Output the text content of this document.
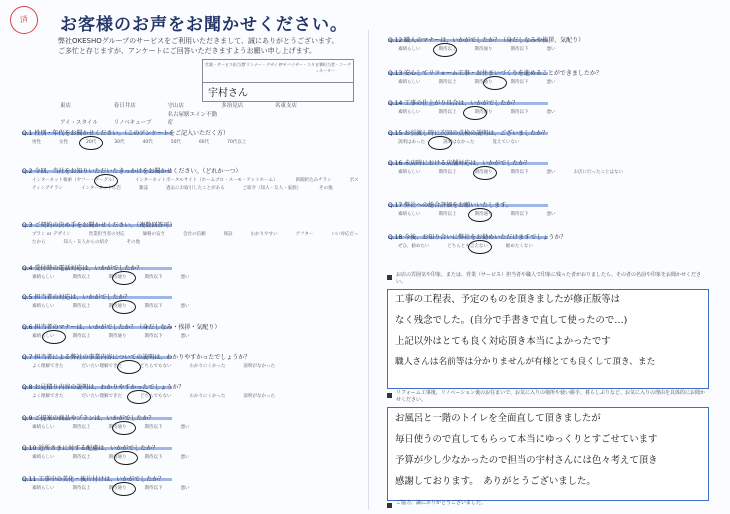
済	お客様のお声をお聞かせください。
弊社OKESHOグループのサービスをご利用いただきまして、誠にありがとうございます。
ご多忙と存じますが、アンケートにご回答いただきますようお願い申し上げます。
営業・サービス担当者
プランナー・デザイナー
アドバイザー・スタッフ
工事担当者・コーディネーター
宇村さん
東店	春日井店	守山店	多治見店	名東支店 アイ・スタイル	リノベキューブ 名古屋駅エイン不動産
Q.1 性別・年代をお聞かせください。（このアンケートをご記入いただく方）
男性	女性	20代	30代	40代	50代	60代	70代以上
Q.2 今回、当社をお知りいただいたきっかけをお聞かせください。（どれか一つ）
インターネット検索（ヤフー・グーグル）	インターネットポータルサイト（ホームプロ・スーモ・アットホーム）	新聞折込みチラシ	ポスティングチラシ	インターネット広告	雑誌	過去にお取引したことがある	ご紹介（知人・友人・家族）	その他
Q.3 ご契約の決め手をお聞かせください。（複数回答可）
プラン or デザイン	営業担当者の対応	価格の安さ	会社の信頼	保証	わかりやすい	アフター	いい対応だったから	知人・友人からの紹介	その他
Q.4 受付時の電話対応は、いかがでしたか？
素晴らしい	期待以上	期待通り	期待以下	悪い
Q.5 担当者の対応は、いかがでしたか？
素晴らしい	期待以上	期待通り	期待以下	悪い
Q.6 担当者のマナーは、いかがでしたか？（身だしなみ・挨拶・気配り）
素晴らしい	期待以上	期待通り	期待以下	悪い
Q.7 担当者による弊社の事業内容についての説明は、わかりやすかったでしょうか？
よく理解できた	だいたい理解できた	どちらでもない	わかりにくかった	説明がなかった
Q.8 お見積り内容の説明は、わかりやすかったでしょうか？
よく理解できた	だいたい理解できた	どちらでもない	わかりにくかった	説明がなかった
Q.9 ご提案の商品やプランは、いかがでしたか？
素晴らしい	期待以上	期待通り	期待以下	悪い
Q.10 近所さまに対する配慮は、いかがでしたか？
素晴らしい	期待以上	期待通り	期待以下	悪い
Q.11 工事中の美化・後片付けは、いかがでしたか？
素晴らしい	期待以上	期待通り	期待以下	悪い
Q.12 職人のマナーは、いかがでしたか？（身だしなみや挨拶、気配り）
素晴らしい	期待以上	期待通り	期待以下	悪い
Q.13 安心してリフォーム工事・お住まいづくりを進めることができましたか？
素晴らしい	期待以上	期待通り	期待以下	悪い
Q.14 工事の仕上がり具合は、いかがでしたか？
素晴らしい	期待以上	期待通り	期待以下	悪い
Q.15 お引渡し時に次回の点検の説明は、ございましたか？
説明はあった	説明はなかった	覚えていない
Q.16 未店時における店舗対応は、いかがでしたか？
素晴らしい	期待以上	期待通り	期待以下	悪い	お店に行ったことはない
Q.17 弊社への総合評価をお願いいたします。
素晴らしい	期待以上	期待通り	期待以下	悪い
Q.18 今後、お知り合いに弊社をお勧めいただけますでしょうか？
ぜひ、勧めたい	どちらとも言えない	勧めたくない
お店の雰囲気や印象、または、営業（サービス）担当者や職人で印象に残った者がおりましたら、その者の名前や印象をお聞かせください。
工事の工程表、予定のものを頂きましたが修正版等は
なく残念でした。(自分で手書きで直して使ったので…)
上記以外はとても良く対応頂き本当によかったです
職人さんは名前等は分かりませんが有様とても良くして頂き、また
リフォーム工事後、リノベーション後のお住まいで、お気に入りの場所や使い勝手、暮らしぶりなど、お気に入りの理由を具体的にお聞かせください。
お風呂と一階のトイレを全面直して頂きましたが
毎日使うので直してもらって本当にゆっくりとすごせています
予算が少し少なかったので担当の宇村さんには色々考えて頂き
感謝しております。　ありがとうございました。
ご協力、誠にありがとうございました。
